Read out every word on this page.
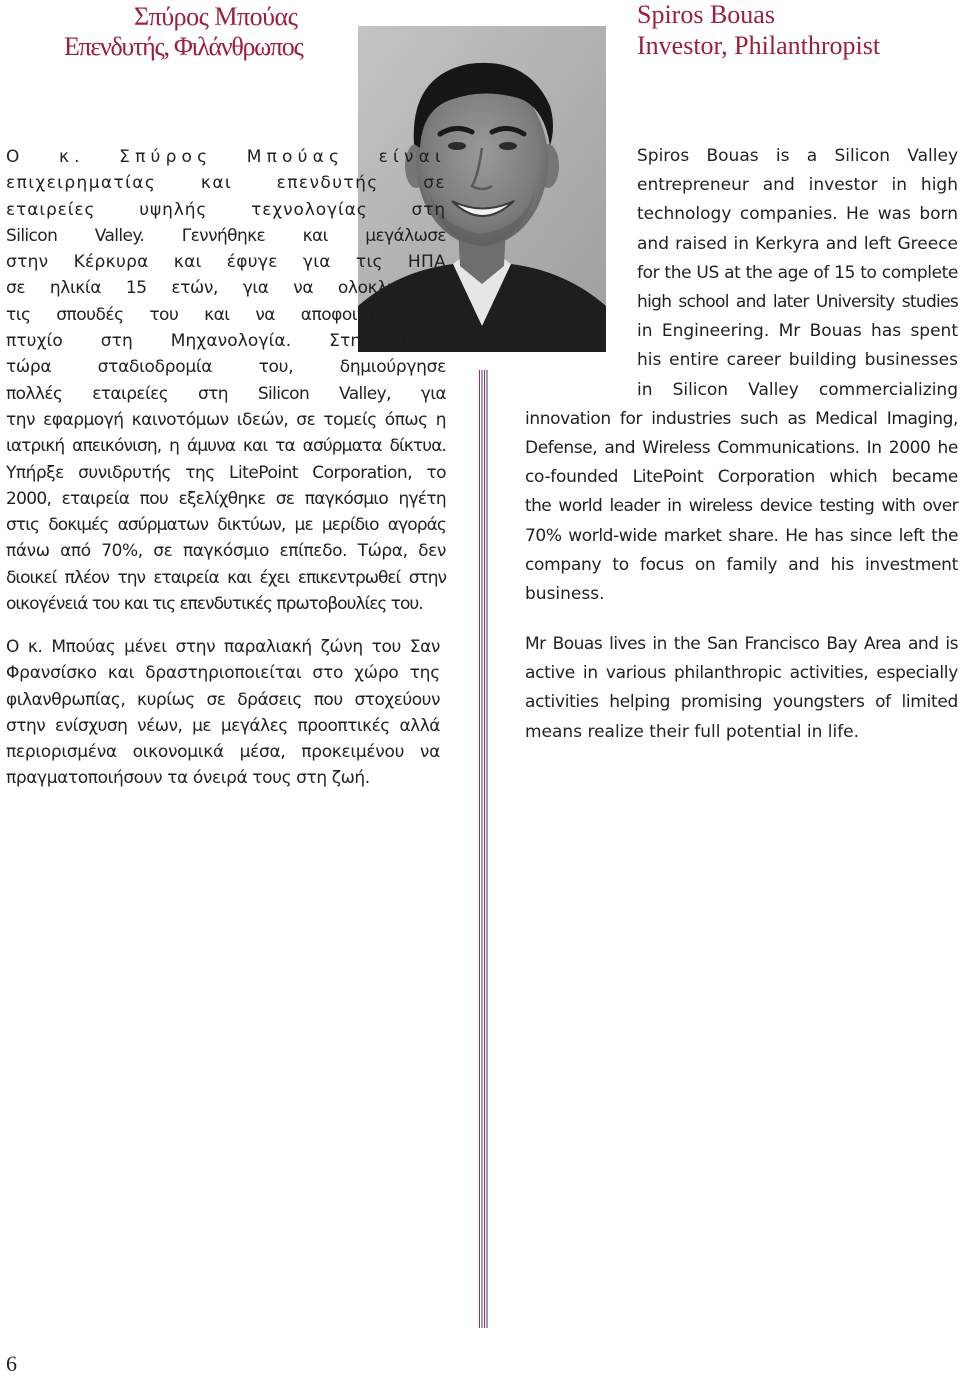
Σπύρος Μπούας
Επενδυτής, Φιλάνθρωπος
Spiros Bouas
Investor, Philanthropist
Ο κ. Σπύρος Μπούας είναι
επιχειρηματίας και επενδυτής σε
εταιρείες υψηλής τεχνολογίας στη
Silicon Valley. Γεννήθηκε και μεγάλωσε
στην Κέρκυρα και έφυγε για τις ΗΠΑ
σε ηλικία 15 ετών, για να ολοκληρώσει
τις σπουδές του και να αποφοιτήσει με
πτυχίο στη Μηχανολογία. Στη μέχρι
τώρα σταδιοδρομία του, δημιούργησε
πολλές εταιρείες στη Silicon Valley, για
την εφαρμογή καινοτόμων ιδεών, σε τομείς όπως η
ιατρική απεικόνιση, η άμυνα και τα ασύρματα δίκτυα.
Υπήρξε συνιδρυτής της LitePoint Corporation, το
2000, εταιρεία που εξελίχθηκε σε παγκόσμιο ηγέτη
στις δοκιμές ασύρματων δικτύων, με μερίδιο αγοράς
πάνω από 70%, σε παγκόσμιο επίπεδο. Τώρα, δεν
διοικεί πλέον την εταιρεία και έχει επικεντρωθεί στην
οικογένειά του και τις επενδυτικές πρωτοβουλίες του.
Ο κ. Μπούας μένει στην παραλιακή ζώνη του Σαν
Φρανσίσκο και δραστηριοποιείται στο χώρο της
φιλανθρωπίας, κυρίως σε δράσεις που στοχεύουν
στην ενίσχυση νέων, με μεγάλες προοπτικές αλλά
περιορισμένα οικονομικά μέσα, προκειμένου να
πραγματοποιήσουν τα όνειρά τους στη ζωή.
Spiros Bouas is a Silicon Valley
entrepreneur and investor in high
technology companies. He was born
and raised in Kerkyra and left Greece
for the US at the age of 15 to complete
high school and later University studies
in Engineering. Mr Bouas has spent
his entire career building businesses
in Silicon Valley commercializing
innovation for industries such as Medical Imaging,
Defense, and Wireless Communications. In 2000 he
co-founded LitePoint Corporation which became
the world leader in wireless device testing with over
70% world-wide market share. He has since left the
company to focus on family and his investment
business.
Mr Bouas lives in the San Francisco Bay Area and is
active in various philanthropic activities, especially
activities helping promising youngsters of limited
means realize their full potential in life.
6
